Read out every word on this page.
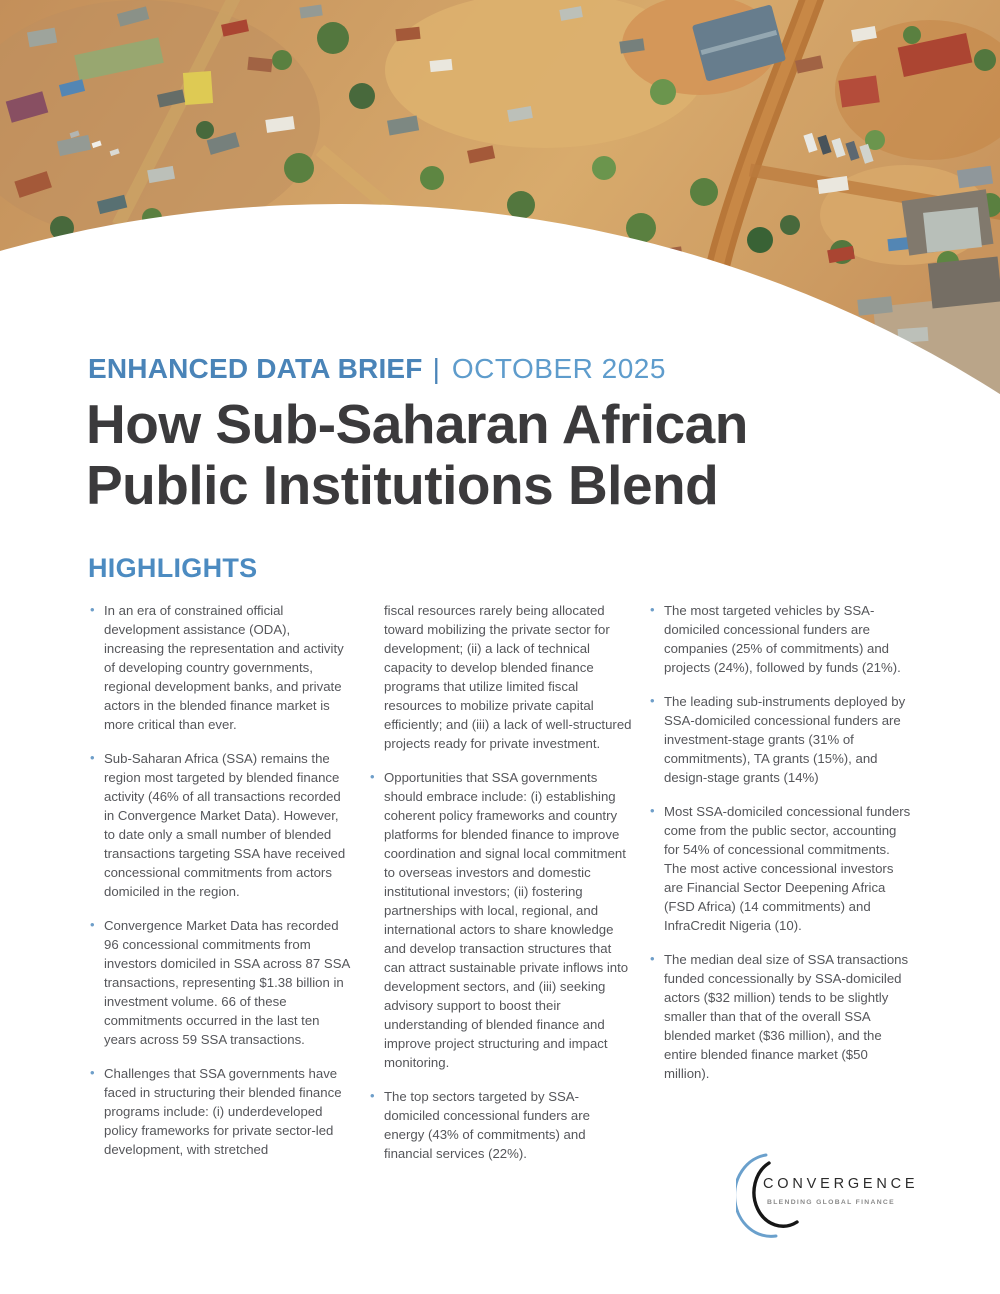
ENHANCED DATA BRIEF | OCTOBER 2025
How Sub-Saharan African
Public Institutions Blend
HIGHLIGHTS

• In an era of constrained official development assistance (ODA), increasing the representation and activity of developing country governments, regional development banks, and private actors in the blended finance market is more critical than ever.

• Sub-Saharan Africa (SSA) remains the region most targeted by blended finance activity (46% of all transactions recorded in Convergence Market Data). However, to date only a small number of blended transactions targeting SSA have received concessional commitments from actors domiciled in the region.

• Convergence Market Data has recorded 96 concessional commitments from investors domiciled in SSA across 87 SSA transactions, representing $1.38 billion in investment volume. 66 of these commitments occurred in the last ten years across 59 SSA transactions.

• Challenges that SSA governments have faced in structuring their blended finance programs include: (i) underdeveloped policy frameworks for private sector-led development, with stretched

fiscal resources rarely being allocated toward mobilizing the private sector for development; (ii) a lack of technical capacity to develop blended finance programs that utilize limited fiscal resources to mobilize private capital efficiently; and (iii) a lack of well-structured projects ready for private investment.

• Opportunities that SSA governments should embrace include: (i) establishing coherent policy frameworks and country platforms for blended finance to improve coordination and signal local commitment to overseas investors and domestic institutional investors; (ii) fostering partnerships with local, regional, and international actors to share knowledge and develop transaction structures that can attract sustainable private inflows into development sectors, and (iii) seeking advisory support to boost their understanding of blended finance and improve project structuring and impact monitoring.

• The top sectors targeted by SSA-domiciled concessional funders are energy (43% of commitments) and financial services (22%).

• The most targeted vehicles by SSA-domiciled concessional funders are companies (25% of commitments) and projects (24%), followed by funds (21%).

• The leading sub-instruments deployed by SSA-domiciled concessional funders are investment-stage grants (31% of commitments), TA grants (15%), and design-stage grants (14%)

• Most SSA-domiciled concessional funders come from the public sector, accounting for 54% of concessional commitments. The most active concessional investors are Financial Sector Deepening Africa (FSD Africa) (14 commitments) and InfraCredit Nigeria (10).

• The median deal size of SSA transactions funded concessionally by SSA-domiciled actors ($32 million) tends to be slightly smaller than that of the overall SSA blended market ($36 million), and the entire blended finance market ($50 million).

CONVERGENCE
BLENDING GLOBAL FINANCE
